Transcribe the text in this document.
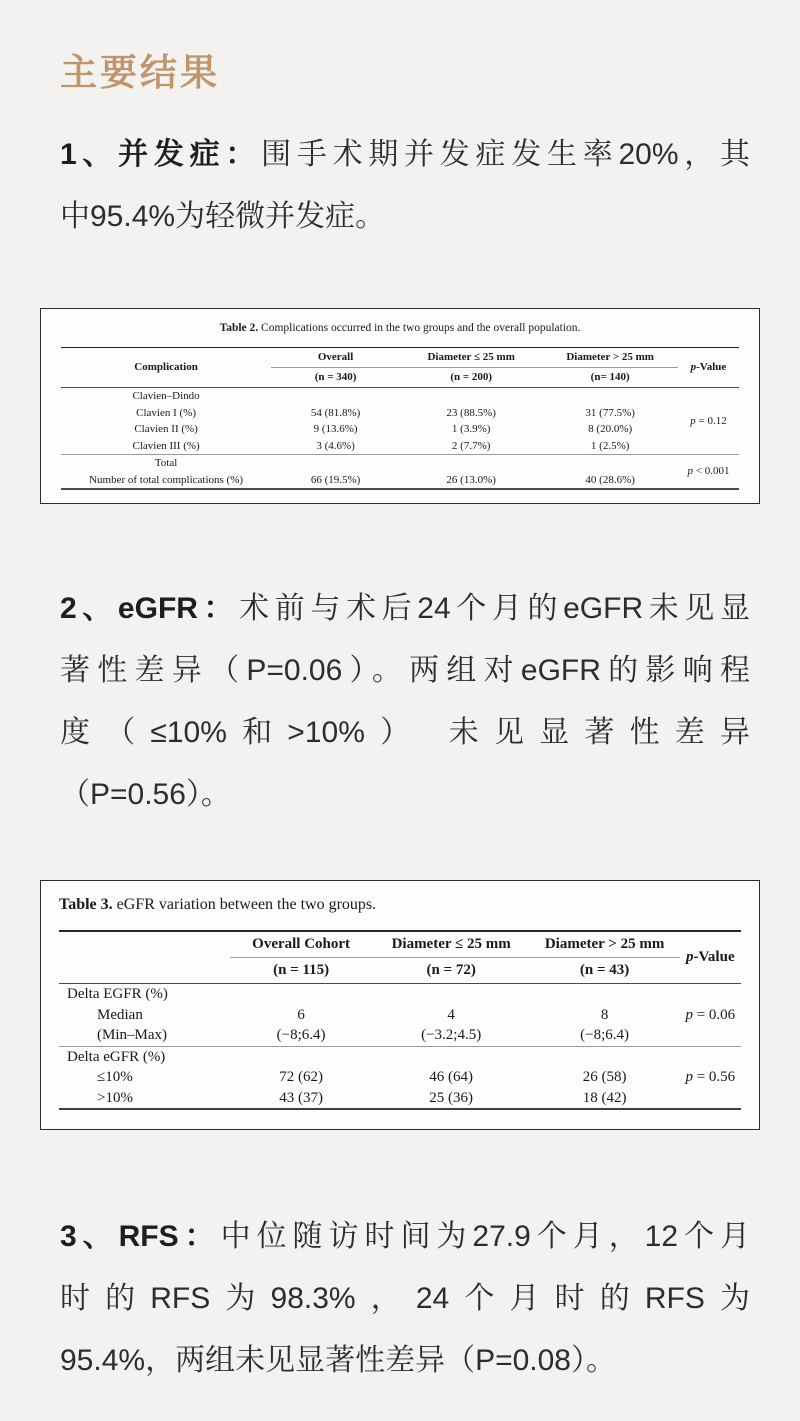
主要结果
1、并发症：围手术期并发症发生率20%，其
中95.4%为轻微并发症。
Table 2. Complications occurred in the two groups and the overall population.
Complication	Overall	Diameter ≤ 25 mm	Diameter > 25 mm	p-Value
	(n = 340)	(n = 200)	(n= 140)	
Clavien–Dindo				p = 0.12
Clavien I (%)	54 (81.8%)	23 (88.5%)	31 (77.5%)	
Clavien II (%)	9 (13.6%)	1 (3.9%)	8 (20.0%)	
Clavien III (%)	3 (4.6%)	2 (7.7%)	1 (2.5%)	
Total				p < 0.001
Number of total complications (%)	66 (19.5%)	26 (13.0%)	40 (28.6%)	
2、eGFR：术前与术后24个月的eGFR未见显
著性差异（P=0.06）。两组对eGFR的影响程
度（≤10%和>10%） 未见显著性差异
（P=0.56）。
Table 3. eGFR variation between the two groups.
	Overall Cohort	Diameter ≤ 25 mm	Diameter > 25 mm	p-Value
	(n = 115)	(n = 72)	(n = 43)	
Delta EGFR (%)				p = 0.06
Median	6	4	8	
(Min–Max)	(−8;6.4)	(−3.2;4.5)	(−8;6.4)	
Delta eGFR (%)				p = 0.56
≤10%	72 (62)	46 (64)	26 (58)	
>10%	43 (37)	25 (36)	18 (42)	
3、RFS：中位随访时间为27.9个月，12个月
时的RFS为98.3%，24个月时的RFS为
95.4%，两组未见显著性差异（P=0.08）。
